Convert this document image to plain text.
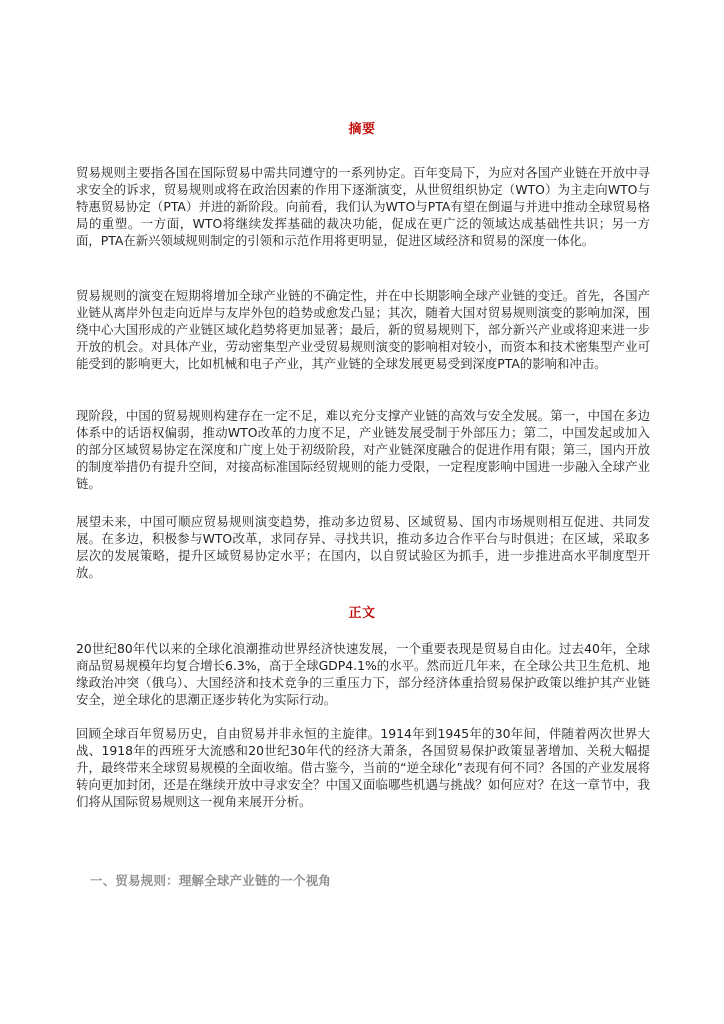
摘要

贸易规则主要指各国在国际贸易中需共同遵守的一系列协定。百年变局下，为应对各国产业链在开放中寻求安全的诉求，贸易规则或将在政治因素的作用下逐渐演变，从世贸组织协定（WTO）为主走向WTO与特惠贸易协定（PTA）并进的新阶段。向前看，我们认为WTO与PTA有望在倒逼与并进中推动全球贸易格局的重塑。一方面，WTO将继续发挥基础的裁决功能，促成在更广泛的领域达成基础性共识；另一方面，PTA在新兴领域规则制定的引领和示范作用将更明显，促进区域经济和贸易的深度一体化。

贸易规则的演变在短期将增加全球产业链的不确定性，并在中长期影响全球产业链的变迁。首先，各国产业链从离岸外包走向近岸与友岸外包的趋势或愈发凸显；其次，随着大国对贸易规则演变的影响加深，围绕中心大国形成的产业链区域化趋势将更加显著；最后，新的贸易规则下，部分新兴产业或将迎来进一步开放的机会。对具体产业，劳动密集型产业受贸易规则演变的影响相对较小，而资本和技术密集型产业可能受到的影响更大，比如机械和电子产业，其产业链的全球发展更易受到深度PTA的影响和冲击。

现阶段，中国的贸易规则构建存在一定不足，难以充分支撑产业链的高效与安全发展。第一，中国在多边体系中的话语权偏弱，推动WTO改革的力度不足，产业链发展受制于外部压力；第二，中国发起或加入的部分区域贸易协定在深度和广度上处于初级阶段，对产业链深度融合的促进作用有限；第三，国内开放的制度举措仍有提升空间，对接高标准国际经贸规则的能力受限，一定程度影响中国进一步融入全球产业链。

展望未来，中国可顺应贸易规则演变趋势，推动多边贸易、区域贸易、国内市场规则相互促进、共同发展。在多边，积极参与WTO改革，求同存异、寻找共识，推动多边合作平台与时俱进；在区域，采取多层次的发展策略，提升区域贸易协定水平；在国内，以自贸试验区为抓手，进一步推进高水平制度型开放。

正文

20世纪80年代以来的全球化浪潮推动世界经济快速发展，一个重要表现是贸易自由化。过去40年，全球商品贸易规模年均复合增长6.3%，高于全球GDP4.1%的水平。然而近几年来，在全球公共卫生危机、地缘政治冲突（俄乌）、大国经济和技术竞争的三重压力下，部分经济体重拾贸易保护政策以维护其产业链安全，逆全球化的思潮正逐步转化为实际行动。

回顾全球百年贸易历史，自由贸易并非永恒的主旋律。1914年到1945年的30年间，伴随着两次世界大战、1918年的西班牙大流感和20世纪30年代的经济大萧条，各国贸易保护政策显著增加、关税大幅提升，最终带来全球贸易规模的全面收缩。借古鉴今，当前的“逆全球化”表现有何不同？各国的产业发展将转向更加封闭，还是在继续开放中寻求安全？中国又面临哪些机遇与挑战？如何应对？在这一章节中，我们将从国际贸易规则这一视角来展开分析。

一、贸易规则：理解全球产业链的一个视角
